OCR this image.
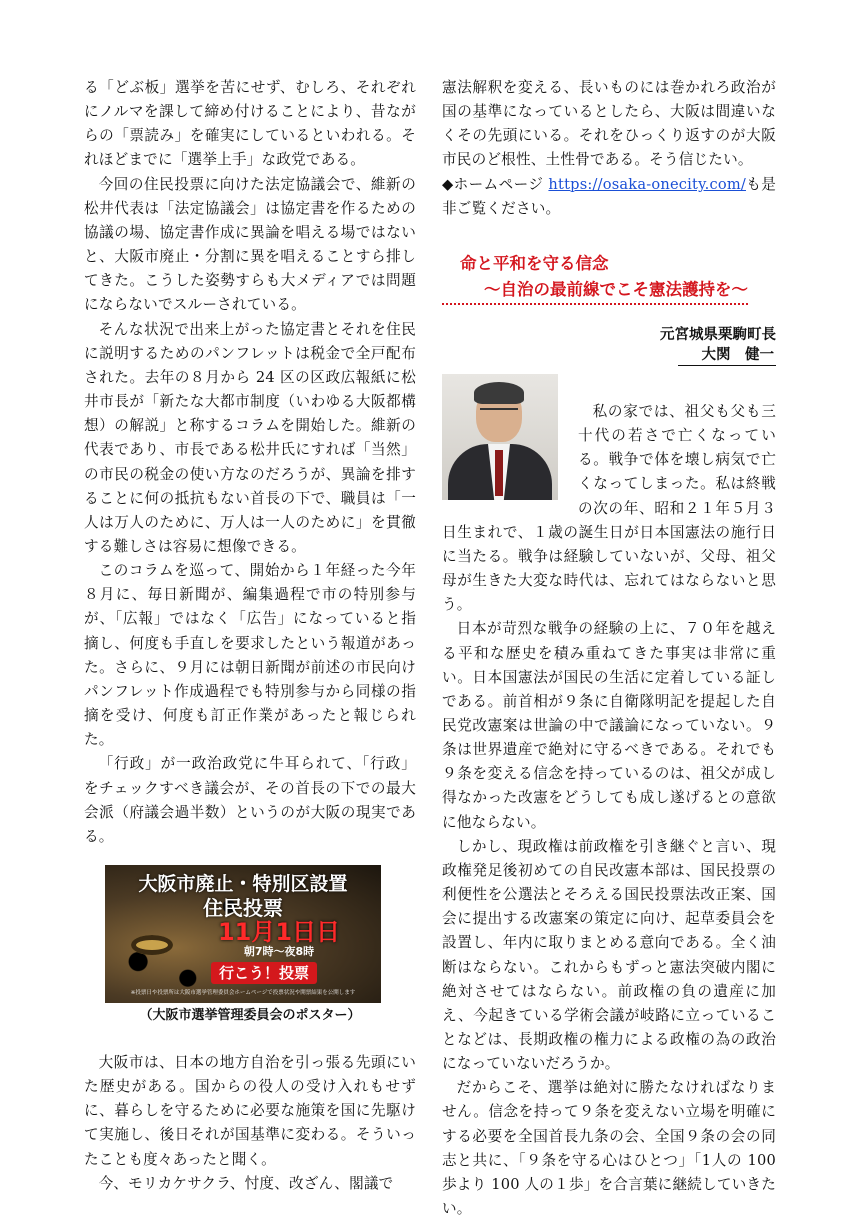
る「どぶ板」選挙を苦にせず、むしろ、それぞれにノルマを課して締め付けることにより、昔ながらの「票読み」を確実にしているといわれる。それほどまでに「選挙上手」な政党である。

今回の住民投票に向けた法定協議会で、維新の松井代表は「法定協議会」は協定書を作るための協議の場、協定書作成に異論を唱える場ではないと、大阪市廃止・分割に異を唱えることすら排してきた。こうした姿勢すらも大メディアでは問題にならないでスルーされている。

そんな状況で出来上がった協定書とそれを住民に説明するためのパンフレットは税金で全戸配布された。去年の８月から 24 区の区政広報紙に松井市長が「新たな大都市制度（いわゆる大阪都構想）の解説」と称するコラムを開始した。維新の代表であり、市長である松井氏にすれば「当然」の市民の税金の使い方なのだろうが、異論を排することに何の抵抗もない首長の下で、職員は「一人は万人のために、万人は一人のために」を貫徹する難しさは容易に想像できる。

このコラムを巡って、開始から１年経った今年８月に、毎日新聞が、編集過程で市の特別参与が、「広報」ではなく「広告」になっていると指摘し、何度も手直しを要求したという報道があった。さらに、９月には朝日新聞が前述の市民向けパンフレット作成過程でも特別参与から同様の指摘を受け、何度も訂正作業があったと報じられた。

「行政」が一政治政党に牛耳られて、「行政」をチェックすべき議会が、その首長の下での最大会派（府議会過半数）というのが大阪の現実である。

大阪市廃止・特別区設置
住民投票
11月1日日
朝7時〜夜8時
行こう！投票
※投票日や投票所は大阪市選挙管理委員会ホームページで投票状況や開票結果を公開します
（大阪市選挙管理委員会のポスター）

大阪市は、日本の地方自治を引っ張る先頭にいた歴史がある。国からの役人の受け入れもせずに、暮らしを守るために必要な施策を国に先駆けて実施し、後日それが国基準に変わる。そういったことも度々あったと聞く。

今、モリカケサクラ、忖度、改ざん、閣議で

憲法解釈を変える、長いものには巻かれろ政治が国の基準になっているとしたら、大阪は間違いなくその先頭にいる。それをひっくり返すのが大阪市民のど根性、土性骨である。そう信じたい。

◆ホームページ https://osaka-onecity.com/も是非ご覧ください。

命と平和を守る信念
〜自治の最前線でこそ憲法護持を〜
元宮城県栗駒町長
大関　健一

私の家では、祖父も父も三十代の若さで亡くなっている。戦争で体を壊し病気で亡くなってしまった。私は終戦の次の年、昭和２１年５月３日生まれで、１歳の誕生日が日本国憲法の施行日に当たる。戦争は経験していないが、父母、祖父母が生きた大変な時代は、忘れてはならないと思う。

日本が苛烈な戦争の経験の上に、７０年を越える平和な歴史を積み重ねてきた事実は非常に重い。日本国憲法が国民の生活に定着している証しである。前首相が９条に自衛隊明記を提起した自民党改憲案は世論の中で議論になっていない。９条は世界遺産で絶対に守るべきである。それでも９条を変える信念を持っているのは、祖父が成し得なかった改憲をどうしても成し遂げるとの意欲に他ならない。

しかし、現政権は前政権を引き継ぐと言い、現政権発足後初めての自民改憲本部は、国民投票の利便性を公選法とそろえる国民投票法改正案、国会に提出する改憲案の策定に向け、起草委員会を設置し、年内に取りまとめる意向である。全く油断はならない。これからもずっと憲法突破内閣に絶対させてはならない。前政権の負の遺産に加え、今起きている学術会議が岐路に立っていることなどは、長期政権の権力による政権の為の政治になっていないだろうか。

だからこそ、選挙は絶対に勝たなければなりません。信念を持って９条を変えない立場を明確にする必要を全国首長九条の会、全国９条の会の同志と共に、「９条を守る心はひとつ」「1人の 100 歩より 100 人の１歩」を合言葉に継続していきたい。
